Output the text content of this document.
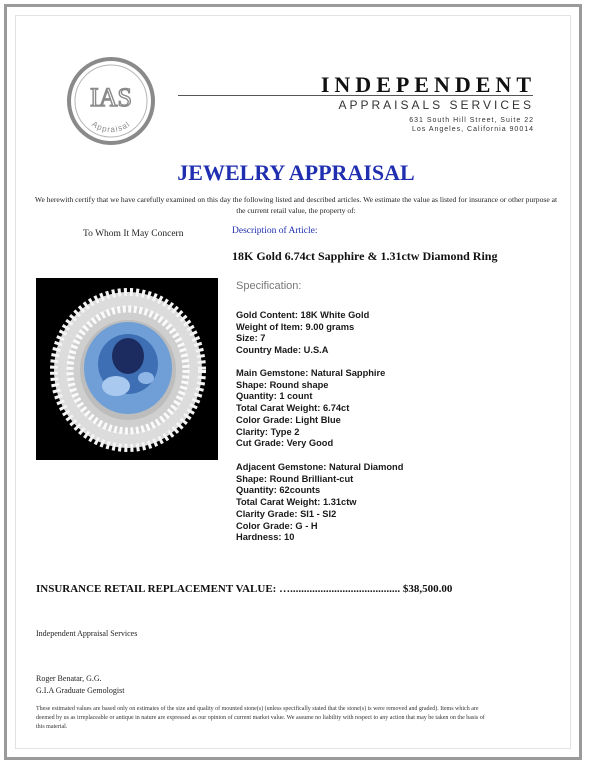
IAS
Appraisal
INDEPENDENT
APPRAISALS SERVICES
631 South Hill Street, Suite 22
Los Angeles, California 90014
JEWELRY APPRAISAL
We herewith certify that we have carefully examined on this day the following listed and described articles. We estimate the value as listed for insurance or other purpose at the current retail value, the property of:
To Whom It May Concern	Description of Article:
18K Gold 6.74ct Sapphire & 1.31ctw Diamond Ring
Specification:
Gold Content: 18K White Gold
Weight of Item: 9.00 grams
Size: 7
Country Made: U.S.A
Main Gemstone: Natural Sapphire
Shape: Round shape
Quantity: 1 count
Total Carat Weight: 6.74ct
Color Grade: Light Blue
Clarity: Type 2
Cut Grade: Very Good
Adjacent Gemstone: Natural Diamond
Shape: Round Brilliant-cut
Quantity: 62counts
Total Carat Weight: 1.31ctw
Clarity Grade: SI1 - SI2
Color Grade: G - H
Hardness: 10
INSURANCE RETAIL REPLACEMENT VALUE: …........................................ $38,500.00
Independent Appraisal Services
Roger Benatar, G.G.
G.I.A Graduate Gemologist
These estimated values are based only on estimates of the size and quality of mounted stone(s) (unless specifically stated that the stone(s) is were removed and graded). Items which are deemed by us as irreplaceable or antique in nature are expressed as our opinion of current market value. We assume no liability with respect to any action that may be taken on the basis of this material.
